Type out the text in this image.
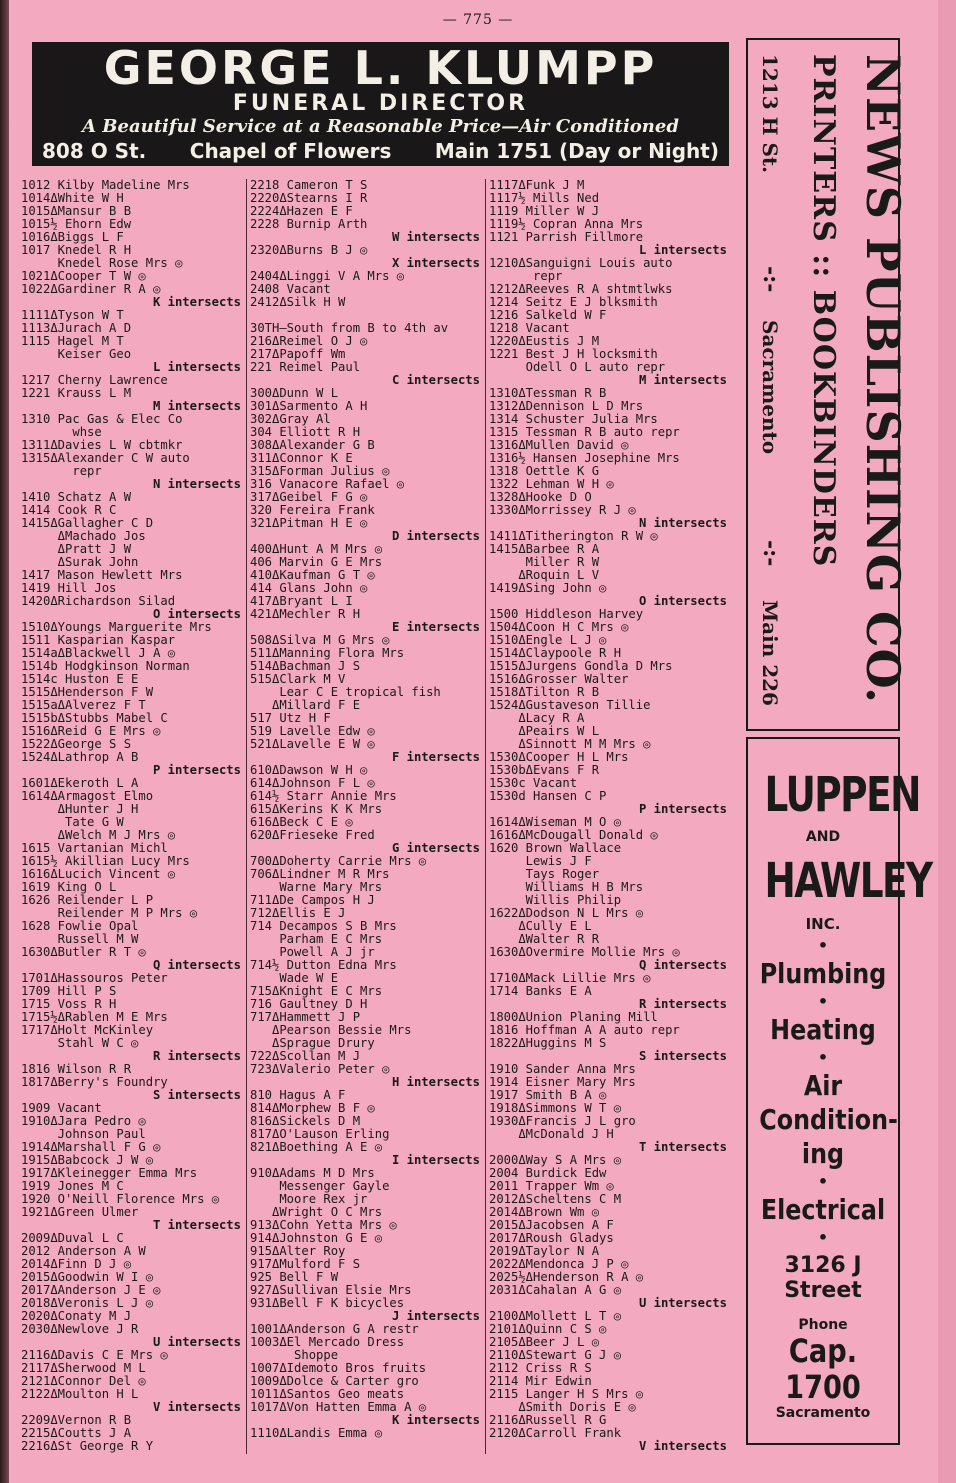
— 775 —
GEORGE L. KLUMPP
FUNERAL DIRECTOR
A Beautiful Service at a Reasonable Price—Air Conditioned
808 O St. Chapel of Flowers Main 1751 (Day or Night)
1012 Kilby Madeline Mrs
1014ΔWhite W H
1015ΔMansur B B
1015½ Ehorn Edw
1016ΔBiggs L F
1017 Knedel R H
Knedel Rose Mrs ◎
1021ΔCooper T W ◎
1022ΔGardiner R A ◎
K intersects
1111ΔTyson W T
1113ΔJurach A D
1115 Hagel M T
Keiser Geo
L intersects
1217 Cherny Lawrence
1221 Krauss L M
M intersects
1310 Pac Gas & Elec Co
whse
1311ΔDavies L W cbtmkr
1315ΔAlexander C W auto
repr
N intersects
1410 Schatz A W
1414 Cook R C
1415ΔGallagher C D
ΔMachado Jos
ΔPratt J W
ΔSurak John
1417 Mason Hewlett Mrs
1419 Hill Jos
1420ΔRichardson Silad
O intersects
1510ΔYoungs Marguerite Mrs
1511 Kasparian Kaspar
1514aΔBlackwell J A ◎
1514b Hodgkinson Norman
1514c Huston E E
1515ΔHenderson F W
1515aΔAlverez F T
1515bΔStubbs Mabel C
1516ΔReid G E Mrs ◎
1522ΔGeorge S S
1524ΔLathrop A B
P intersects
1601ΔEkeroth L A
1614ΔArmagost Elmo
ΔHunter J H
Tate G W
ΔWelch M J Mrs ◎
1615 Vartanian Michl
1615½ Akillian Lucy Mrs
1616ΔLucich Vincent ◎
1619 King O L
1626 Reilender L P
Reilender M P Mrs ◎
1628 Fowlie Opal
Russell M W
1630ΔButler R T ◎
Q intersects
1701ΔHassouros Peter
1709 Hill P S
1715 Voss R H
1715½ΔRablen M E Mrs
1717ΔHolt McKinley
Stahl W C ◎
R intersects
1816 Wilson R R
1817ΔBerry's Foundry
S intersects
1909 Vacant
1910ΔJara Pedro ◎
Johnson Paul
1914ΔMarshall F G ◎
1915ΔBabcock J W ◎
1917ΔKleinegger Emma Mrs
1919 Jones M C
1920 O'Neill Florence Mrs ◎
1921ΔGreen Ulmer
T intersects
2009ΔDuval L C
2012 Anderson A W
2014ΔFinn D J ◎
2015ΔGoodwin W I ◎
2017ΔAnderson J E ◎
2018ΔVeronis L J ◎
2020ΔConaty M J
2030ΔNewlove J R
U intersects
2116ΔDavis C E Mrs ◎
2117ΔSherwood M L
2121ΔConnor Del ◎
2122ΔMoulton H L
V intersects
2209ΔVernon R B
2215ΔCoutts J A
2216ΔSt George R Y
2218 Cameron T S
2220ΔStearns I R
2224ΔHazen E F
2228 Burnip Arth
W intersects
2320ΔBurns B J ◎
X intersects
2404ΔLinggi V A Mrs ◎
2408 Vacant
2412ΔSilk H W
30TH—South from B to 4th av
216ΔReimel O J ◎
217ΔPapoff Wm
221 Reimel Paul
C intersects
300ΔDunn W L
301ΔSarmento A H
302ΔGray Al
304 Elliott R H
308ΔAlexander G B
311ΔConnor K E
315ΔForman Julius ◎
316 Vanacore Rafael ◎
317ΔGeibel F G ◎
320 Fereira Frank
321ΔPitman H E ◎
D intersects
400ΔHunt A M Mrs ◎
406 Marvin G E Mrs
410ΔKaufman G T ◎
414 Glans John ◎
417ΔBryant L I
421ΔMechler R H
E intersects
508ΔSilva M G Mrs ◎
511ΔManning Flora Mrs
514ΔBachman J S
515ΔClark M V
Lear C E tropical fish
ΔMillard F E
517 Utz H F
519 Lavelle Edw ◎
521ΔLavelle E W ◎
F intersects
610ΔDawson W H ◎
614ΔJohnson F L ◎
614½ Starr Annie Mrs
615ΔKerins K K Mrs
616ΔBeck C E ◎
620ΔFrieseke Fred
G intersects
700ΔDoherty Carrie Mrs ◎
706ΔLindner M R Mrs
Warne Mary Mrs
711ΔDe Campos H J
712ΔEllis E J
714 Decampos S B Mrs
Parham E C Mrs
Powell A J jr
714½ Dutton Edna Mrs
Wade W E
715ΔKnight E C Mrs
716 Gaultney D H
717ΔHammett J P
ΔPearson Bessie Mrs
ΔSprague Drury
722ΔScollan M J
723ΔValerio Peter ◎
H intersects
810 Hagus A F
814ΔMorphew B F ◎
816ΔSickels D M
817ΔO'Lauson Erling
821ΔBoething A E ◎
I intersects
910ΔAdams M D Mrs
Messenger Gayle
Moore Rex jr
ΔWright O C Mrs
913ΔCohn Yetta Mrs ◎
914ΔJohnston G E ◎
915ΔAlter Roy
917ΔMulford F S
925 Bell F W
927ΔSullivan Elsie Mrs
931ΔBell F K bicycles
J intersects
1001ΔAnderson G A restr
1003ΔEl Mercado Dress
Shoppe
1007ΔIdemoto Bros fruits
1009ΔDolce & Carter gro
1011ΔSantos Geo meats
1017ΔVon Hatten Emma A ◎
K intersects
1110ΔLandis Emma ◎
1117ΔFunk J M
1117½ Mills Ned
1119 Miller W J
1119½ Copran Anna Mrs
1121 Parrish Fillmore
L intersects
1210ΔSanguigni Louis auto
repr
1212ΔReeves R A shtmtlwks
1214 Seitz E J blksmith
1216 Salkeld W F
1218 Vacant
1220ΔEustis J M
1221 Best J H locksmith
Odell O L auto repr
M intersects
1310ΔTessman R B
1312ΔDennison L D Mrs
1314 Schuster Julia Mrs
1315 Tessman R B auto repr
1316ΔMullen David ◎
1316½ Hansen Josephine Mrs
1318 Oettle K G
1322 Lehman W H ◎
1328ΔHooke D O
1330ΔMorrissey R J ◎
N intersects
1411ΔTitherington R W ◎
1415ΔBarbee R A
Miller R W
ΔRoquin L V
1419ΔSing John ◎
O intersects
1500 Hiddleson Harvey
1504ΔCoon H C Mrs ◎
1510ΔEngle L J ◎
1514ΔClaypoole R H
1515ΔJurgens Gondla D Mrs
1516ΔGrosser Walter
1518ΔTilton R B
1524ΔGustaveson Tillie
ΔLacy R A
ΔPeairs W L
ΔSinnott M M Mrs ◎
1530ΔCooper H L Mrs
1530bΔEvans F R
1530c Vacant
1530d Hansen C P
P intersects
1614ΔWiseman M O ◎
1616ΔMcDougall Donald ◎
1620 Brown Wallace
Lewis J F
Tays Roger
Williams H B Mrs
Willis Philip
1622ΔDodson N L Mrs ◎
ΔCully E L
ΔWalter R R
1630ΔOvermire Mollie Mrs ◎
Q intersects
1710ΔMack Lillie Mrs ◎
1714 Banks E A
R intersects
1800ΔUnion Planing Mill
1816 Hoffman A A auto repr
1822ΔHuggins M S
S intersects
1910 Sander Anna Mrs
1914 Eisner Mary Mrs
1917 Smith B A ◎
1918ΔSimmons W T ◎
1930ΔFrancis J L gro
ΔMcDonald J H
T intersects
2000ΔWay S A Mrs ◎
2004 Burdick Edw
2011 Trapper Wm ◎
2012ΔScheltens C M
2014ΔBrown Wm ◎
2015ΔJacobsen A F
2017ΔRoush Gladys
2019ΔTaylor N A
2022ΔMendonca J P ◎
2025½ΔHenderson R A ◎
2031ΔCahalan A G ◎
U intersects
2100ΔMollett L T ◎
2101ΔQuinn C S ◎
2105ΔBeer J L ◎
2110ΔStewart G J ◎
2112 Criss R S
2114 Mir Edwin
2115 Langer H S Mrs ◎
ΔSmith Doris E ◎
2116ΔRussell R G
2120ΔCarroll Frank
V intersects
NEWS PUBLISHING CO.
PRINTERS :: BOOKBINDERS
1213 H St.
-:-
Sacramento
-:-
Main 226
LUPPEN
AND
HAWLEY
INC.
•
Plumbing
•
Heating
•
Air
Condition-
ing
•
Electrical
•
3126 J Street
Phone
Cap. 1700
Sacramento
